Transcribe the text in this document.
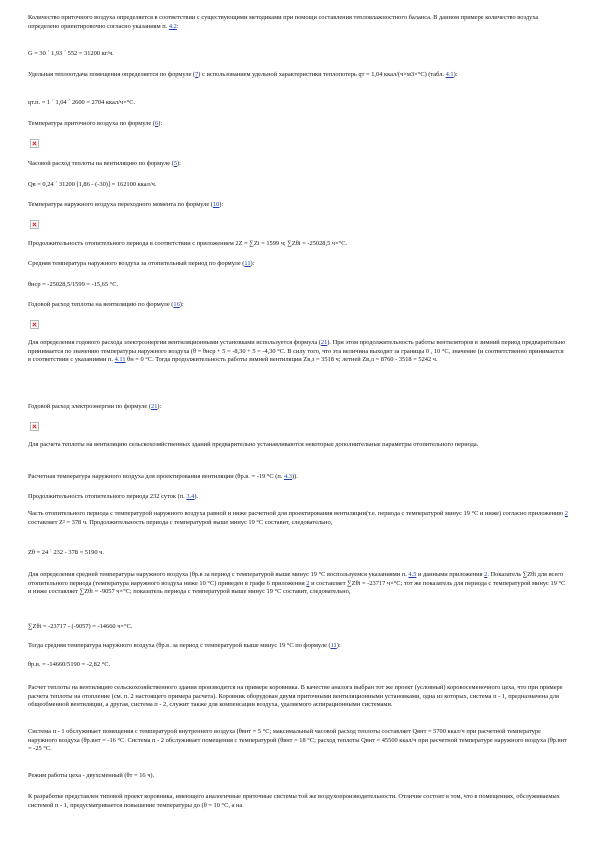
Количество приточного воздуха определяется в соответствии с существующими методиками при помощи составления тепловлажностного баланса. В данном примере количество воздуха определено ориентировочно согласно указаниям п. 4.2:

G = 30 ´ 1,93 ´ 552 = 31200 кг/ч.

Удельная теплоотдача помещения определяется по формуле (7) с использованием удельной характеристики теплопотерь qт = 1,04 ккал/(ч×м3×°С) (табл. 4.1):

qт.п. = 1 ´ 1,04 ´ 2600 = 2704 ккал/ч×°С.

Температура приточного воздуха по формуле (6):

Часовой расход теплоты на вентиляцию по формуле (5):

Qв = 0,24 ´ 31200 [1,86 - (-30)] = 162100 ккал/ч.

Температура наружного воздуха переходного момента по формуле (10):

Продолжительность отопительного периода в соответствии с приложением 2Z = ∑Zi = 1599 ч; ∑Zθi = -25028,5 ч×°С.

Средняя температура наружного воздуха за отопительный период по формуле (11):

θнср = -25028,5/1599 = -15,65 °С.

Годовой расход теплоты на вентиляцию по формуле (16):

Для определения годового расхода электроэнергии вентиляционными установками используется формула (21). При этом продолжительность работы вентиляторов в зимний период предварительно принимается по значению температуры наружного воздуха (θ = θнср + 5 = -8,30 + 5 = -4,30 °С. В силу того, что эта величина выходит за границы 0 , 10 °С, значение (и соответственно принимается в соответствии с указаниями п. 4.11 θн = 0 °С. Тогда продолжительность работы зимней вентиляции Zв,з = 3518 ч; летней Zв,л = 8760 - 3518 = 5242 ч.

Годовой расход электроэнергии по формуле (21):

Для расчета теплоты на вентиляцию сельскохозяйственных зданий предварительно устанавливаются некоторые дополнительные параметры отопительного периода.

Расчетная температура наружного воздуха для проектирования вентиляции (θр.в. = -19 °С (п. 4.3)).

Продолжительность отопительного периода 232 суток (п. 3.4).

Часть отопительного периода с температурой наружного воздуха равной и ниже расчетной для проектирования вентиляции(т.е. периода с температурой минус 19 °С и ниже) согласно приложению 2 составляет Z² = 378 ч. Продолжительность периода с температурой выше минус 19 °С составит, следовательно,

Zθ = 24 ´ 232 - 378 = 5190 ч.

Для определения средней температуры наружного воздуха (θр.в за период с температурой выше минус 19 °С воспользуемся указаниями п. 4.5 и данными приложения 2. Показатель ∑Zθi для всего отопительного периода (температура наружного воздуха ниже 10 °С) приведен в графе 6 приложения 2 и составляет ∑Zθi = -23717 ч×°С; тот же показатель для периода с температурой минус 19 °С и ниже составляет ∑Zθi = -9057 ч×°С; показатель периода с температурой выше минус 19 °С составит, следовательно,

∑Zθi = -23717 - (-9057) = -14660 ч×°С.

Тогда средняя температура наружного воздуха (θр.в. за период с температурой выше минус 19 °С по формуле (11):

θр.в. = -14660/5190 = -2,82 °С.

Расчет теплоты на вентиляцию сельскохозяйственного здания производится на примере коровника. В качестве аналога выбран тот же проект (условный) коровосеменочного цеха, что при примере расчета теплоты на отопление (см. п. 2 настоящего примера расчета). Коровник оборудован двумя приточными вентиляционными установками, одна из которых, система п - 1, предназначена для общеобменной вентиляции, а другая, система п - 2, служит также для компенсации воздуха, удаляемого аспирационными системами.

Система п - 1 обслуживает помещения с температурой внутреннего воздуха (θвнт = 5 °С; максимальный часовой расход теплоты составляет Qвнт = 5700 ккал/ч при расчетной температуре наружного воздуха (θр.внт = -16 °С. Система п - 2 обслуживает помещения с температурой (θвнт = 18 °С; расход теплоты Qвнт = 45500 ккал/ч при расчетной температуре наружного воздуха (θр.внт = -25 °С.

Режим работы цеха - двухсменный (θт = 16 ч).

К разработке представлен типовой проект коровника, имеющего аналогичные приточные системы той же воздухопроизводительности. Отличие состоит в том, что в помещениях, обслуживаемых системой п - 1, предусматривается повышение температуры до (θ = 10 °С, а на
